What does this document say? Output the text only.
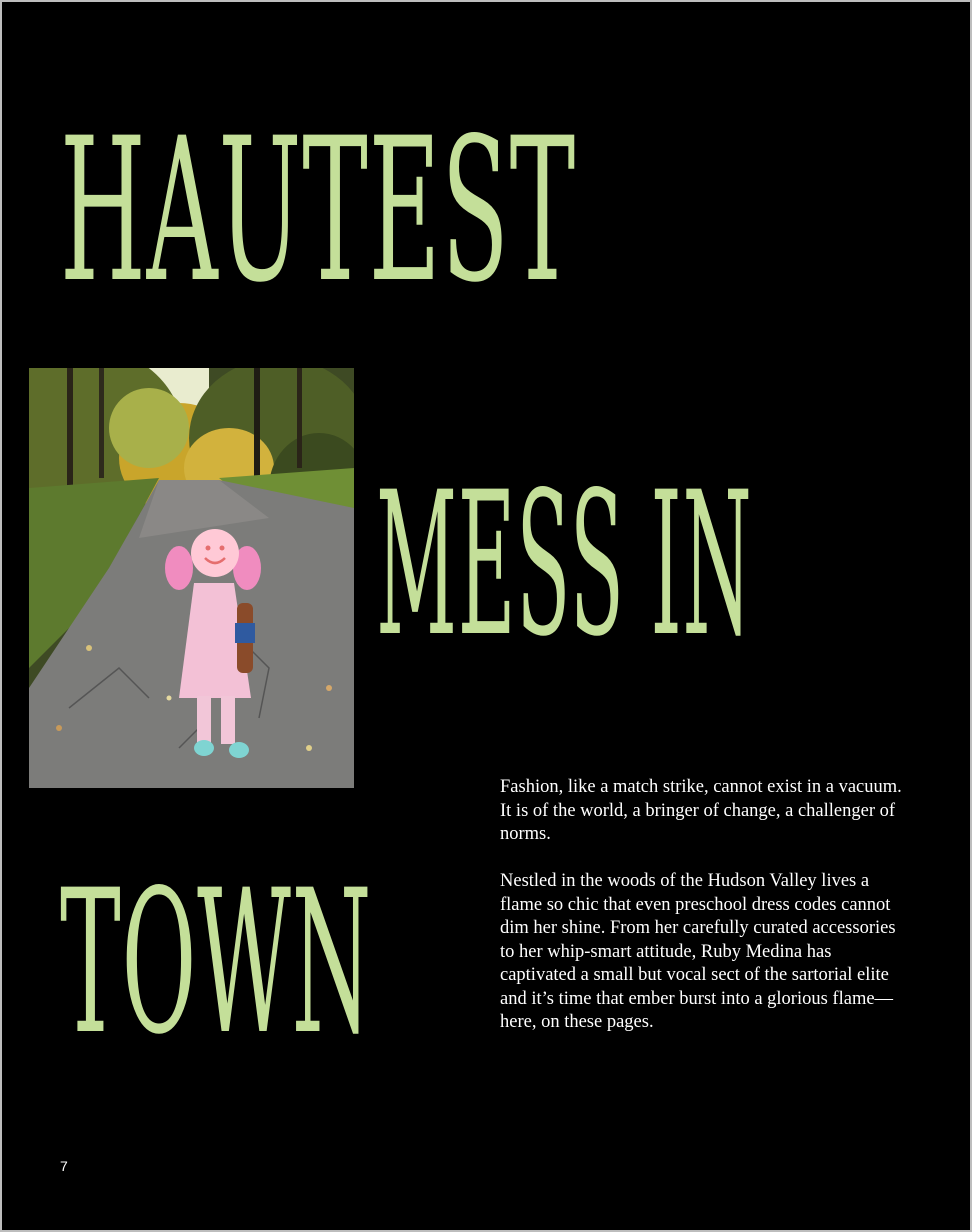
HAUTEST
MESS IN
TOWN

Fashion, like a match strike, cannot exist in a vacuum. It is of the world, a bringer of change, a challenger of norms.

Nestled in the woods of the Hudson Valley lives a flame so chic that even preschool dress codes cannot dim her shine. From her carefully curated accessories to her whip-smart attitude, Ruby Medina has captivated a small but vocal sect of the sartorial elite and it’s time that ember burst into a glorious flame—here, on these pages.

7
